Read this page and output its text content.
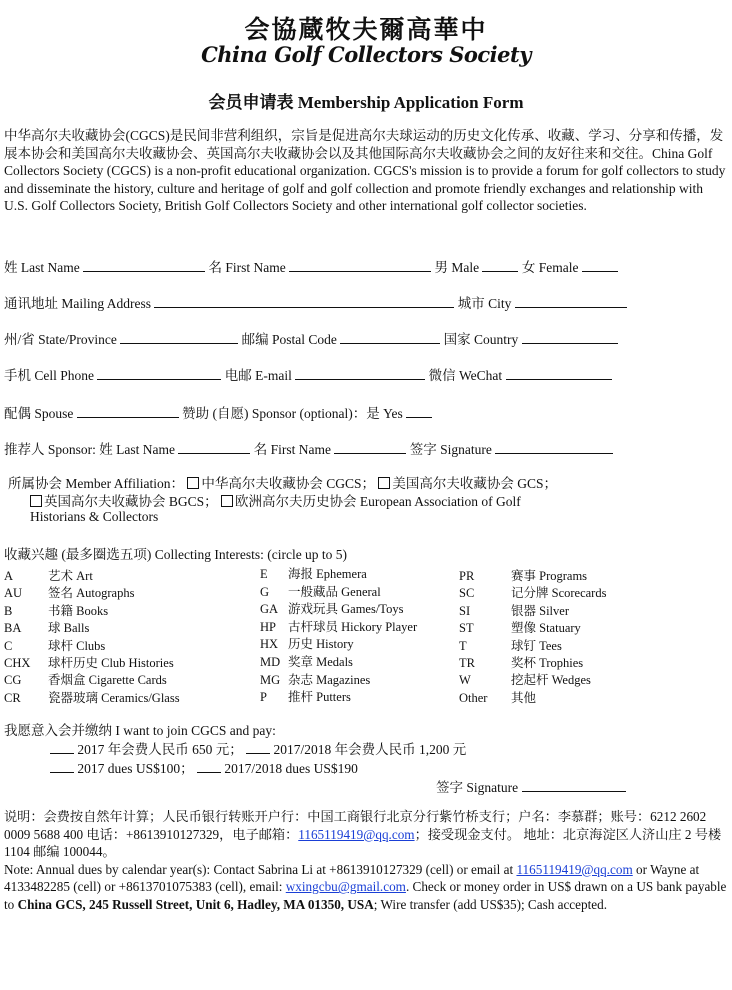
会協蔵牧夫爾高華中
China Golf Collectors Society
会员申请表 Membership Application Form
中华高尔夫收藏协会(CGCS)是民间非营利组织，宗旨是促进高尔夫球运动的历史文化传承、收藏、学习、分享和传播，发展本协会和美国高尔夫收藏协会、英国高尔夫收藏协会以及其他国际高尔夫收藏协会之间的友好往来和交往。China Golf Collectors Society (CGCS) is a non-profit educational organization. CGCS's mission is to provide a forum for golf collectors to study and disseminate the history, culture and heritage of golf and golf collection and promote friendly exchanges and relationship with U.S. Golf Collectors Society, British Golf Collectors Society and other international golf collector societies.
姓 Last Name	名 First Name	男 Male	女 Female
通讯地址 Mailing Address	城市 City
州/省 State/Province	邮编 Postal Code	国家 Country
手机 Cell Phone	电邮 E-mail	微信 WeChat
配偶 Spouse	赞助 (自愿) Sponsor (optional)：是 Yes
推荐人 Sponsor: 姓 Last Name	名 First Name	签字 Signature
所属协会 Member Affiliation： 中华高尔夫收藏协会 CGCS； 美国高尔夫收藏协会 GCS；
英国高尔夫收藏协会 BGCS； 欧洲高尔夫历史协会 European Association of Golf
Historians & Collectors
收藏兴趣 (最多圈选五项) Collecting Interests: (circle up to 5)
A	艺术 Art
AU 签名 Autographs
B	书籍 Books
BA 球 Balls
C	球杆 Clubs
CHX 球杆历史 Club Histories
CG 香烟盒 Cigarette Cards
CR 瓷器玻璃 Ceramics/Glass
E 海报 Ephemera
G 一般藏品 General
GA 游戏玩具 Games/Toys
HP 古杆球员 Hickory Player
HX 历史 History
MD 奖章 Medals
MG 杂志 Magazines
P 推杆 Putters
PR	赛事 Programs
SC	记分牌 Scorecards
SI	银器 Silver
ST	塑像 Statuary
T	球钉 Tees
TR	奖杯 Trophies
W	挖起杆 Wedges
Other 其他
我愿意入会并缴纳 I want to join CGCS and pay:
2017 年会费人民币 650 元； 2017/2018 年会费人民币 1,200 元
2017 dues US$100； 2017/2018 dues US$190
签字 Signature
说明：会费按自然年计算；人民币银行转账开户行：中国工商银行北京分行紫竹桥支行；户名：李慕群；账号：6212 2602 0009 5688 400 电话：+8613910127329，电子邮箱：1165119419@qq.com；接受现金支付。 地址：北京海淀区人济山庄 2 号楼 1104 邮编 100044。
Note: Annual dues by calendar year(s): Contact Sabrina Li at +8613910127329 (cell) or email at 1165119419@qq.com or Wayne at 4133482285 (cell) or +8613701075383 (cell), email: wxingcbu@gmail.com. Check or money order in US$ drawn on a US bank payable to China GCS, 245 Russell Street, Unit 6, Hadley, MA 01350, USA; Wire transfer (add US$35); Cash accepted.
